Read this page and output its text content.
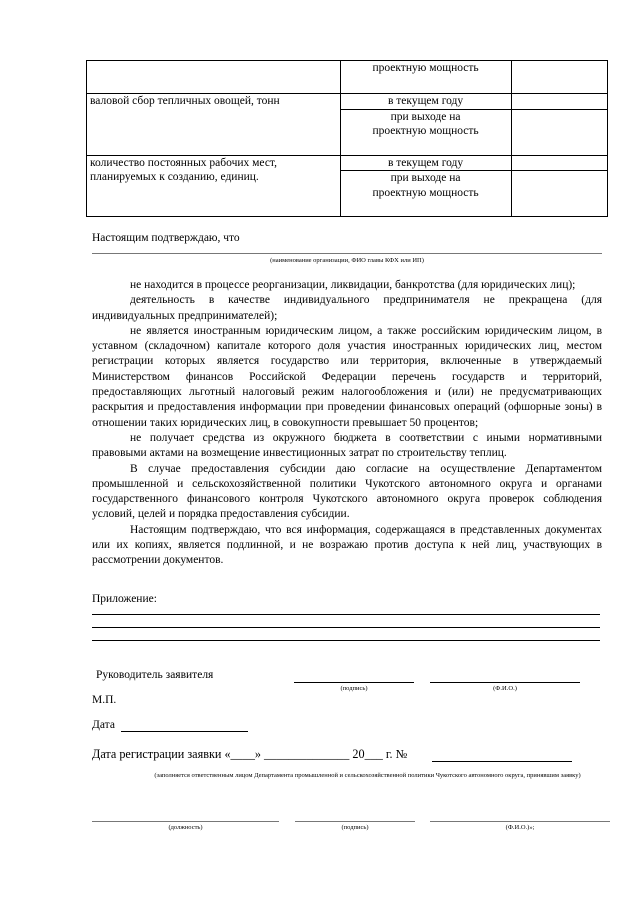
	проектную мощность	
валовой сбор тепличных овощей, тонн	в текущем году	
	при выходе на проектную мощность	
количество постоянных рабочих мест, планируемых к созданию, единиц.	в текущем году	
	при выходе на проектную мощность	
Настоящим подтверждаю, что
(наименование организации, ФИО главы КФХ или ИП)

не находится в процессе реорганизации, ликвидации, банкротства (для юридических лиц);

деятельность в качестве индивидуального предпринимателя не прекращена (для индивидуальных предпринимателей);

не является иностранным юридическим лицом, а также российским юридическим лицом, в уставном (складочном) капитале которого доля участия иностранных юридических лиц, местом регистрации которых является государство или территория, включенные в утверждаемый Министерством финансов Российской Федерации перечень государств и территорий, предоставляющих льготный налоговый режим налогообложения и (или) не предусматривающих раскрытия и предоставления информации при проведении финансовых операций (офшорные зоны) в отношении таких юридических лиц, в совокупности превышает 50 процентов;

не получает средства из окружного бюджета в соответствии с иными нормативными правовыми актами на возмещение инвестиционных затрат по строительству теплиц.

В случае предоставления субсидии даю согласие на осуществление Департаментом промышленной и сельскохозяйственной политики Чукотского автономного округа и органами государственного финансового контроля Чукотского автономного округа проверок соблюдения условий, целей и порядка предоставления субсидии.

Настоящим подтверждаю, что вся информация, содержащаяся в представленных документах или их копиях, является подлинной, и не возражаю против доступа к ней лиц, участвующих в рассмотрении документов.

Приложение:
Руководитель заявителя
(подпись)	(Ф.И.О.)
М.П.
Дата
Дата регистрации заявки «____» ______________ 20___ г. №
(заполняется ответственным лицом Департамента промышленной и сельскохозяйственной политики Чукотского автономного округа, принявшим заявку)
(должность)	(подпись)	(Ф.И.О.)»;
